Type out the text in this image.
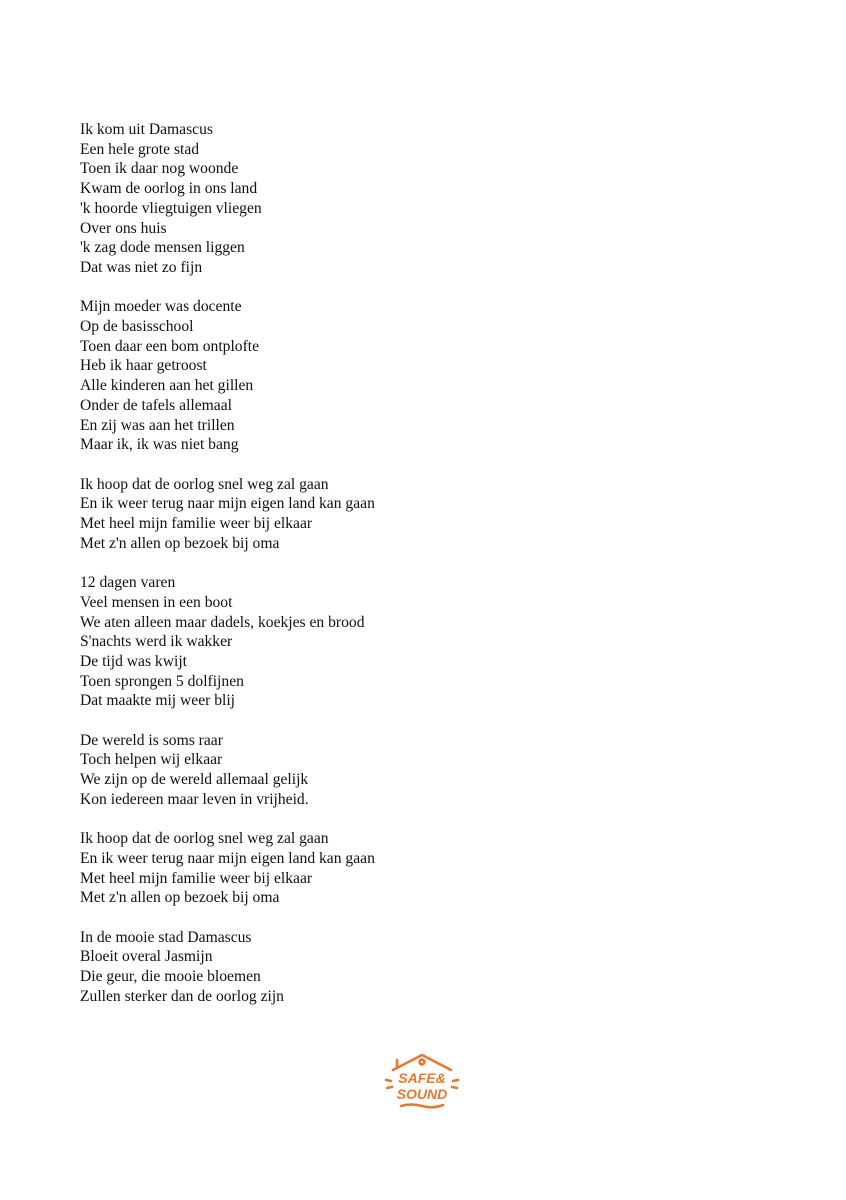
Ik kom uit Damascus
Een hele grote stad
Toen ik daar nog woonde
Kwam de oorlog in ons land
'k hoorde vliegtuigen vliegen
Over ons huis
'k zag dode mensen liggen
Dat was niet zo fijn
Mijn moeder was docente
Op de basisschool
Toen daar een bom ontplofte
Heb ik haar getroost
Alle kinderen aan het gillen
Onder de tafels allemaal
En zij was aan het trillen
Maar ik, ik was niet bang
Ik hoop dat de oorlog snel weg zal gaan
En ik weer terug naar mijn eigen land kan gaan
Met heel mijn familie weer bij elkaar
Met z'n allen op bezoek bij oma
12 dagen varen
Veel mensen in een boot
We aten alleen maar dadels, koekjes en brood
S'nachts werd ik wakker
De tijd was kwijt
Toen sprongen 5 dolfijnen
Dat maakte mij weer blij
De wereld is soms raar
Toch helpen wij elkaar
We zijn op de wereld allemaal gelijk
Kon iedereen maar leven in vrijheid.
Ik hoop dat de oorlog snel weg zal gaan
En ik weer terug naar mijn eigen land kan gaan
Met heel mijn familie weer bij elkaar
Met z'n allen op bezoek bij oma
In de mooie stad Damascus
Bloeit overal Jasmijn
Die geur, die mooie bloemen
Zullen sterker dan de oorlog zijn
SAFE&
SOUND
